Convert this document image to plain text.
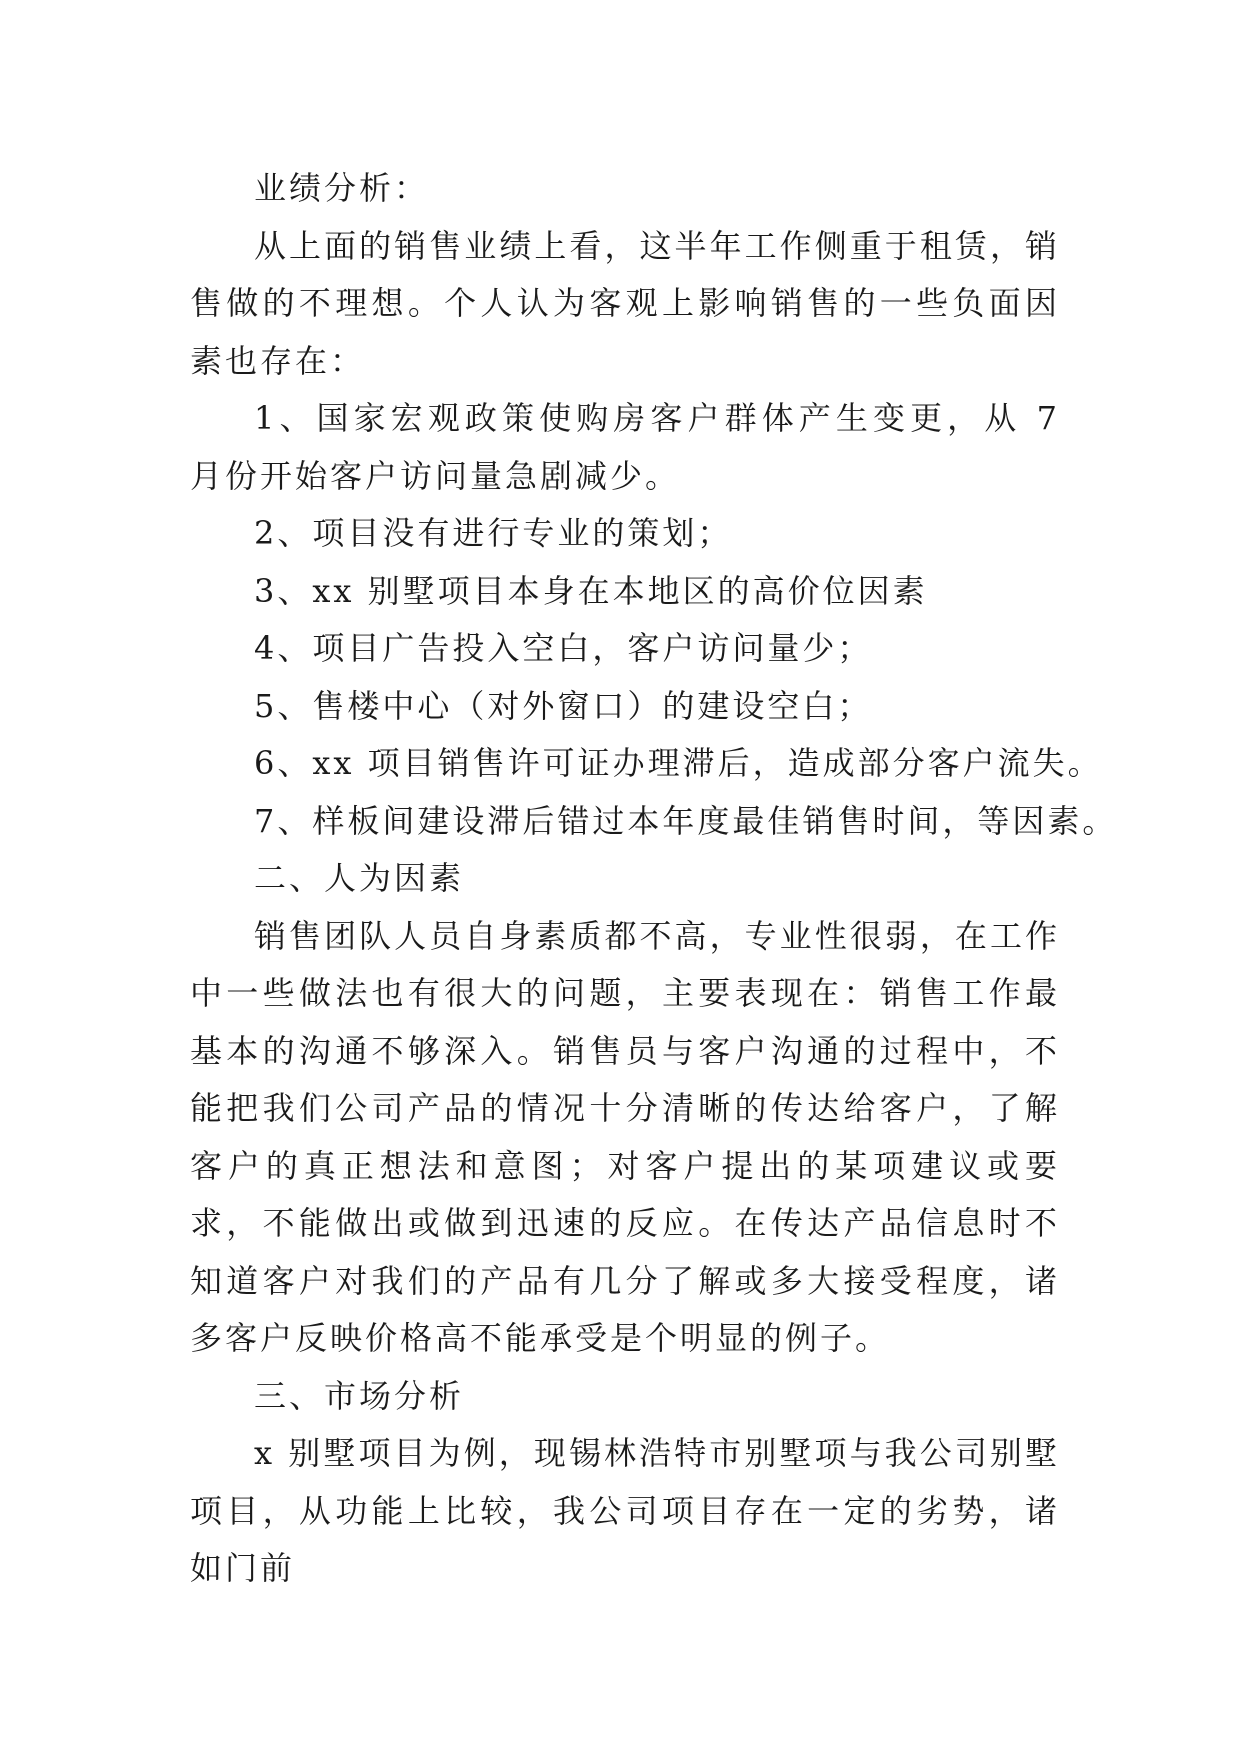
业绩分析：

从上面的销售业绩上看，这半年工作侧重于租赁，销售做的不理想。个人认为客观上影响销售的一些负面因素也存在：

1、国家宏观政策使购房客户群体产生变更，从 7 月份开始客户访问量急剧减少。

2、项目没有进行专业的策划；

3、xx 别墅项目本身在本地区的高价位因素

4、项目广告投入空白，客户访问量少；

5、售楼中心（对外窗口）的建设空白；

6、xx 项目销售许可证办理滞后，造成部分客户流失。

7、样板间建设滞后错过本年度最佳销售时间，等因素。

二、人为因素

销售团队人员自身素质都不高，专业性很弱，在工作中一些做法也有很大的问题，主要表现在：销售工作最基本的沟通不够深入。销售员与客户沟通的过程中，不能把我们公司产品的情况十分清晰的传达给客户，了解客户的真正想法和意图；对客户提出的某项建议或要求，不能做出或做到迅速的反应。在传达产品信息时不知道客户对我们的产品有几分了解或多大接受程度，诸多客户反映价格高不能承受是个明显的例子。

三、市场分析

x 别墅项目为例，现锡林浩特市别墅项与我公司别墅项目，从功能上比较，我公司项目存在一定的劣势，诸如门前
